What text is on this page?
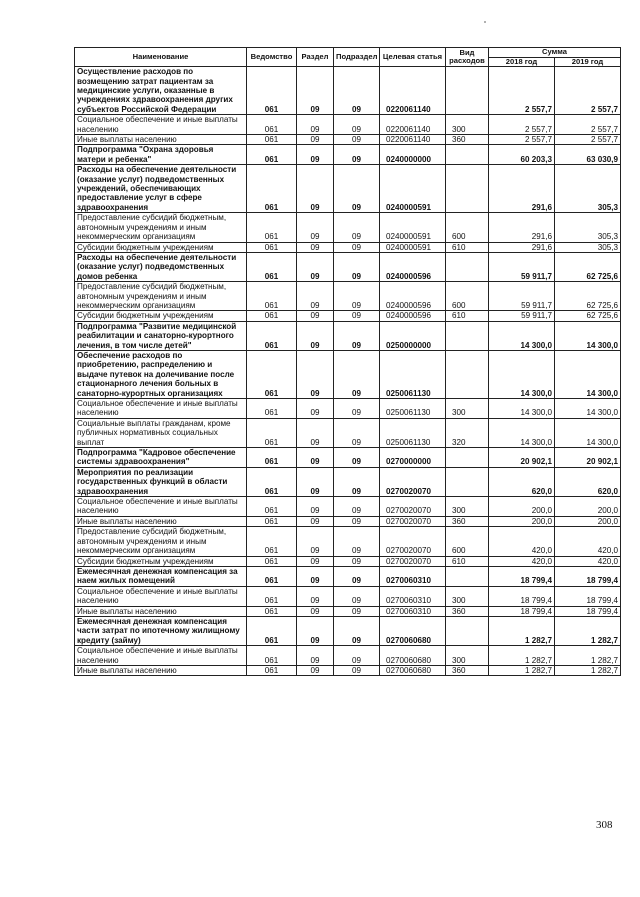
Наименование	Ведомство	Раздел	Подраздел	Целевая статья	Вид расходов	Сумма	
						2018 год	2019 год
Осуществление расходов по возмещению затрат пациентам за медицинские услуги, оказанные в учреждениях здравоохранения других субъектов Российской Федерации	061	09	09	0220061140		2 557,7	2 557,7
Социальное обеспечение и иные выплаты населению	061	09	09	0220061140	300	2 557,7	2 557,7
Иные выплаты населению	061	09	09	0220061140	360	2 557,7	2 557,7
Подпрограмма "Охрана здоровья матери и ребенка"	061	09	09	0240000000		60 203,3	63 030,9
Расходы на обеспечение деятельности (оказание услуг) подведомственных учреждений, обеспечивающих предоставление услуг в сфере здравоохранения	061	09	09	0240000591		291,6	305,3
Предоставление субсидий бюджетным, автономным учреждениям и иным некоммерческим организациям	061	09	09	0240000591	600	291,6	305,3
Субсидии бюджетным учреждениям	061	09	09	0240000591	610	291,6	305,3
Расходы на обеспечение деятельности (оказание услуг) подведомственных домов ребенка	061	09	09	0240000596		59 911,7	62 725,6
Предоставление субсидий бюджетным, автономным учреждениям и иным некоммерческим организациям	061	09	09	0240000596	600	59 911,7	62 725,6
Субсидии бюджетным учреждениям	061	09	09	0240000596	610	59 911,7	62 725,6
Подпрограмма "Развитие медицинской реабилитации и санаторно-курортного лечения, в том числе детей"	061	09	09	0250000000		14 300,0	14 300,0
Обеспечение расходов по приобретению, распределению и выдаче путевок на долечивание после стационарного лечения больных в санаторно-курортных организациях	061	09	09	0250061130		14 300,0	14 300,0
Социальное обеспечение и иные выплаты населению	061	09	09	0250061130	300	14 300,0	14 300,0
Социальные выплаты гражданам, кроме публичных нормативных социальных выплат	061	09	09	0250061130	320	14 300,0	14 300,0
Подпрограмма "Кадровое обеспечение системы здравоохранения"	061	09	09	0270000000		20 902,1	20 902,1
Мероприятия по реализации государственных функций в области здравоохранения	061	09	09	0270020070		620,0	620,0
Социальное обеспечение и иные выплаты населению	061	09	09	0270020070	300	200,0	200,0
Иные выплаты населению	061	09	09	0270020070	360	200,0	200,0
Предоставление субсидий бюджетным, автономным учреждениям и иным некоммерческим организациям	061	09	09	0270020070	600	420,0	420,0
Субсидии бюджетным учреждениям	061	09	09	0270020070	610	420,0	420,0
Ежемесячная денежная компенсация за наем жилых помещений	061	09	09	0270060310		18 799,4	18 799,4
Социальное обеспечение и иные выплаты населению	061	09	09	0270060310	300	18 799,4	18 799,4
Иные выплаты населению	061	09	09	0270060310	360	18 799,4	18 799,4
Ежемесячная денежная компенсация части затрат по ипотечному жилищному кредиту (займу)	061	09	09	0270060680		1 282,7	1 282,7
Социальное обеспечение и иные выплаты населению	061	09	09	0270060680	300	1 282,7	1 282,7
Иные выплаты населению	061	09	09	0270060680	360	1 282,7	1 282,7
308
